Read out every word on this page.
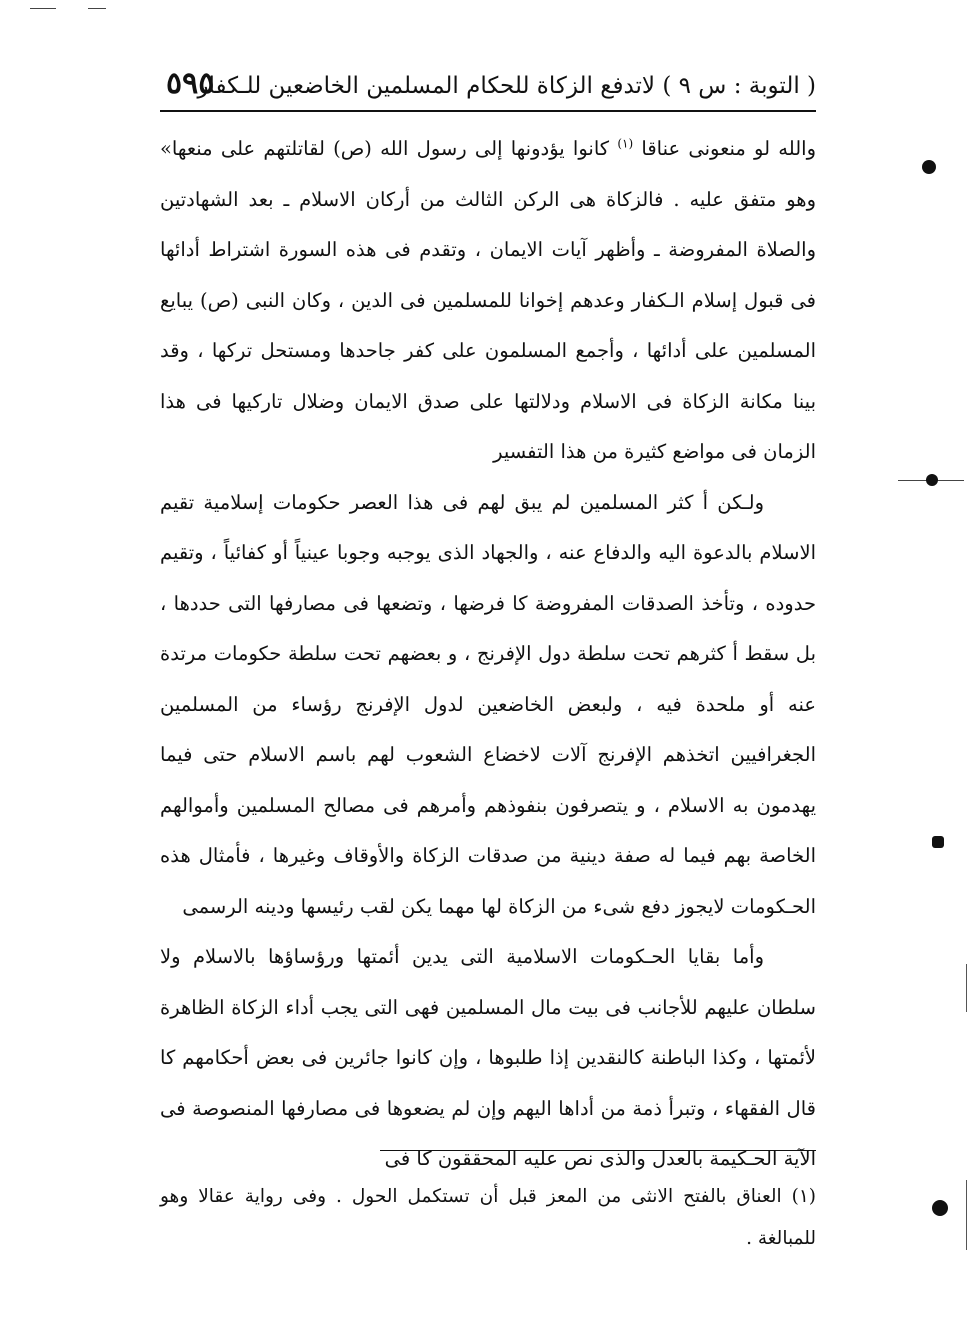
( التوبة : س ٩ ) لاتدفع الزكاة للحكام المسلمين الخاضعين للـكفار
٥٩٥

والله لو منعونى عناقا $^{(١)}$ كانوا يؤدونها إلى رسول الله (ص) لقاتلتهم على منعها» وهو متفق عليه . فالزكاة هى الركن الثالث من أركان الاسلام ـ بعد الشهادتين والصلاة المفروضة ـ وأظهر آيات الايمان ، وتقدم فى هذه السورة اشتراط أدائها فى قبول إسلام الـكفار وعدهم إخوانا للمسلمين فى الدين ، وكان النبى (ص) يبايع المسلمين على أدائها ، وأجمع المسلمون على كفر جاحدها ومستحل تركها ، وقد بينا مكانة الزكاة فى الاسلام ودلالتها على صدق الايمان وضلال تاركيها فى هذا الزمان فى مواضع كثيرة من هذا التفسير

ولـكن أ كثر المسلمين لم يبق لهم فى هذا العصر حكومات إسلامية تقيم الاسلام بالدعوة اليه والدفاع عنه ، والجهاد الذى يوجبه وجوبا عينياً أو كفائياً ، وتقيم حدوده ، وتأخذ الصدقات المفروضة كا فرضها ، وتضعها فى مصارفها التى حددها ، بل سقط أ كثرهم تحت سلطة دول الإفرنج ، و بعضهم تحت سلطة حكومات مرتدة عنه أو ملحدة فيه ، ولبعض الخاضعين لدول الإفرنج رؤساء من المسلمين الجغرافيين اتخذهم الإفرنج آلات لاخضاع الشعوب لهم باسم الاسلام حتى فيما يهدمون به الاسلام ، و يتصرفون بنفوذهم وأمرهم فى مصالح المسلمين وأموالهم الخاصة بهم فيما له صفة دينية من صدقات الزكاة والأوقاف وغيرها ، فأمثال هذه الحـكومات لايجوز دفع شىء من الزكاة لها مهما يكن لقب رئيسها ودينه الرسمى

وأما بقايا الحـكومات الاسلامية التى يدين أئمتها ورؤساؤها بالاسلام ولا سلطان عليهم للأجانب فى بيت مال المسلمين فهى التى يجب أداء الزكاة الظاهرة لأئمتها ، وكذا الباطنة كالنقدين إذا طلبوها ، وإن كانوا جائرين فى بعض أحكامهم كا قال الفقهاء ، وتبرأ ذمة من أداها اليهم وإن لم يضعوها فى مصارفها المنصوصة فى الآية الحـكيمة بالعدل والذى نص عليه المحققون كا فى

(١) العناق بالفتح الانثى من المعز قبل أن تستكمل الحول . وفى رواية عقالا وهو للمبالغة .
